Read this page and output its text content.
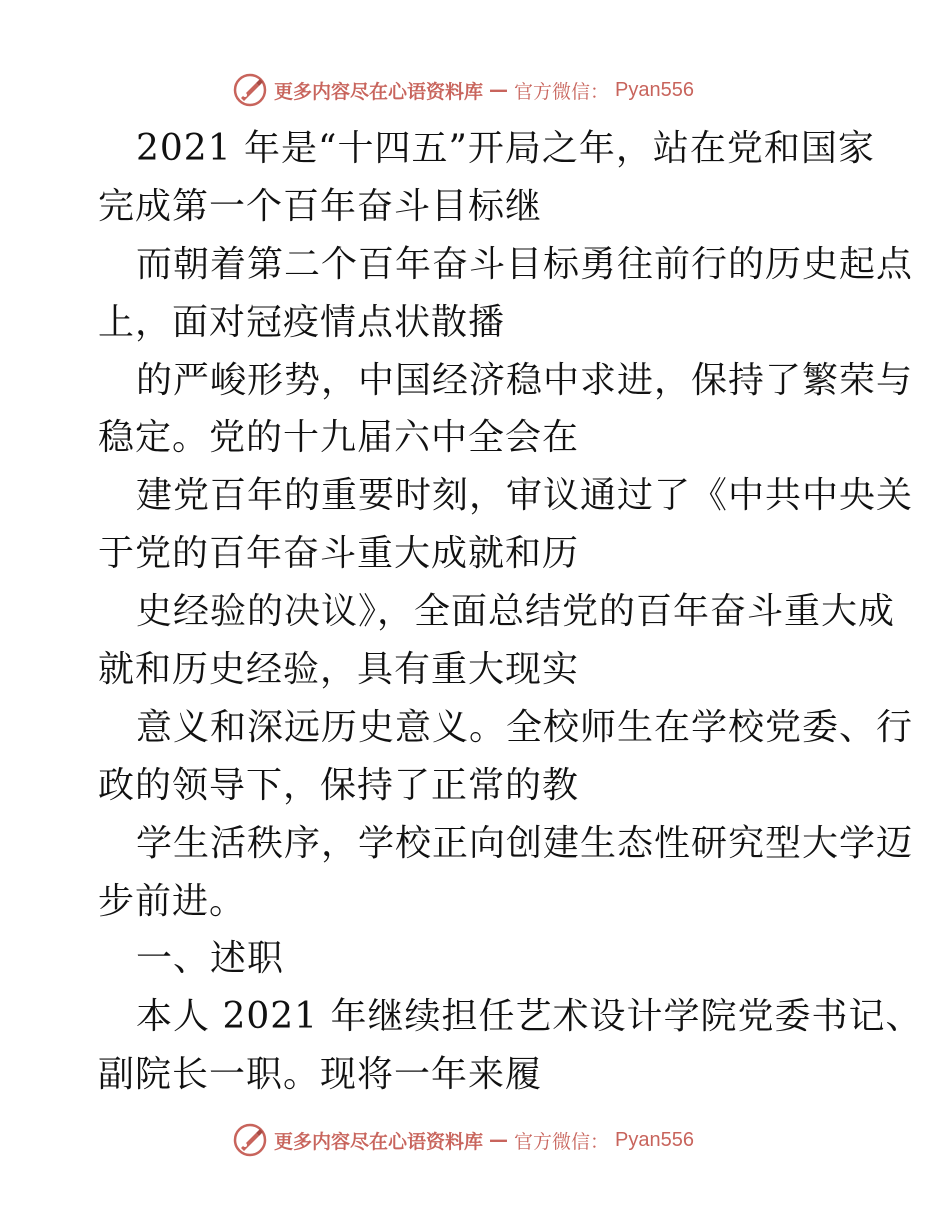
更多内容尽在心语资料库 — 官方微信： Pyan556
2021 年是“十四五”开局之年，站在党和国家
完成第一个百年奋斗目标继
而朝着第二个百年奋斗目标勇往前行的历史起点
上，面对冠疫情点状散播
的严峻形势，中国经济稳中求进，保持了繁荣与
稳定。党的十九届六中全会在
建党百年的重要时刻，审议通过了《中共中央关
于党的百年奋斗重大成就和历
史经验的决议》，全面总结党的百年奋斗重大成
就和历史经验，具有重大现实
意义和深远历史意义。全校师生在学校党委、行
政的领导下，保持了正常的教
学生活秩序，学校正向创建生态性研究型大学迈
步前进。
一、述职
本人 2021 年继续担任艺术设计学院党委书记、
副院长一职。现将一年来履
更多内容尽在心语资料库 — 官方微信： Pyan556
